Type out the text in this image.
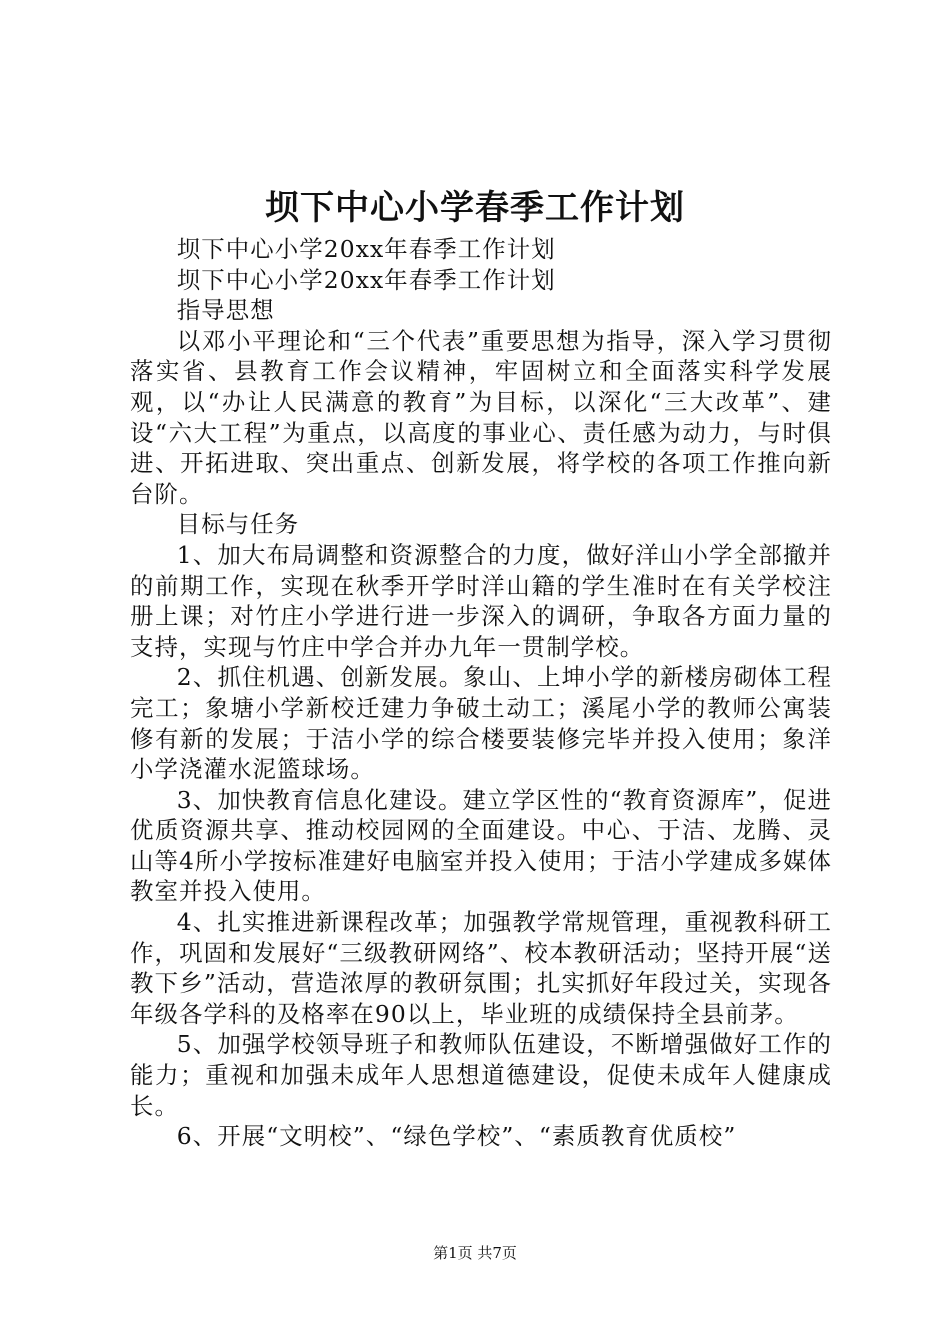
坝下中心小学春季工作计划

坝下中心小学20xx年春季工作计划

坝下中心小学20xx年春季工作计划

指导思想

以邓小平理论和“三个代表”重要思想为指导，深入学习贯彻落实省、县教育工作会议精神，牢固树立和全面落实科学发展观，以“办让人民满意的教育”为目标，以深化“三大改革”、建设“六大工程”为重点，以高度的事业心、责任感为动力，与时俱进、开拓进取、突出重点、创新发展，将学校的各项工作推向新台阶。

目标与任务

1、加大布局调整和资源整合的力度，做好洋山小学全部撤并的前期工作，实现在秋季开学时洋山籍的学生准时在有关学校注册上课；对竹庄小学进行进一步深入的调研，争取各方面力量的支持，实现与竹庄中学合并办九年一贯制学校。

2、抓住机遇、创新发展。象山、上坤小学的新楼房砌体工程完工；象塘小学新校迁建力争破土动工；溪尾小学的教师公寓装修有新的发展；于洁小学的综合楼要装修完毕并投入使用；象洋小学浇灌水泥篮球场。

3、加快教育信息化建设。建立学区性的“教育资源库”，促进优质资源共享、推动校园网的全面建设。中心、于洁、龙腾、灵山等4所小学按标准建好电脑室并投入使用；于洁小学建成多媒体教室并投入使用。

4、扎实推进新课程改革；加强教学常规管理，重视教科研工作，巩固和发展好“三级教研网络”、校本教研活动；坚持开展“送教下乡”活动，营造浓厚的教研氛围；扎实抓好年段过关，实现各年级各学科的及格率在90以上，毕业班的成绩保持全县前茅。

5、加强学校领导班子和教师队伍建设，不断增强做好工作的能力；重视和加强未成年人思想道德建设，促使未成年人健康成长。

6、开展“文明校”、“绿色学校”、“素质教育优质校”

第1页 共7页
